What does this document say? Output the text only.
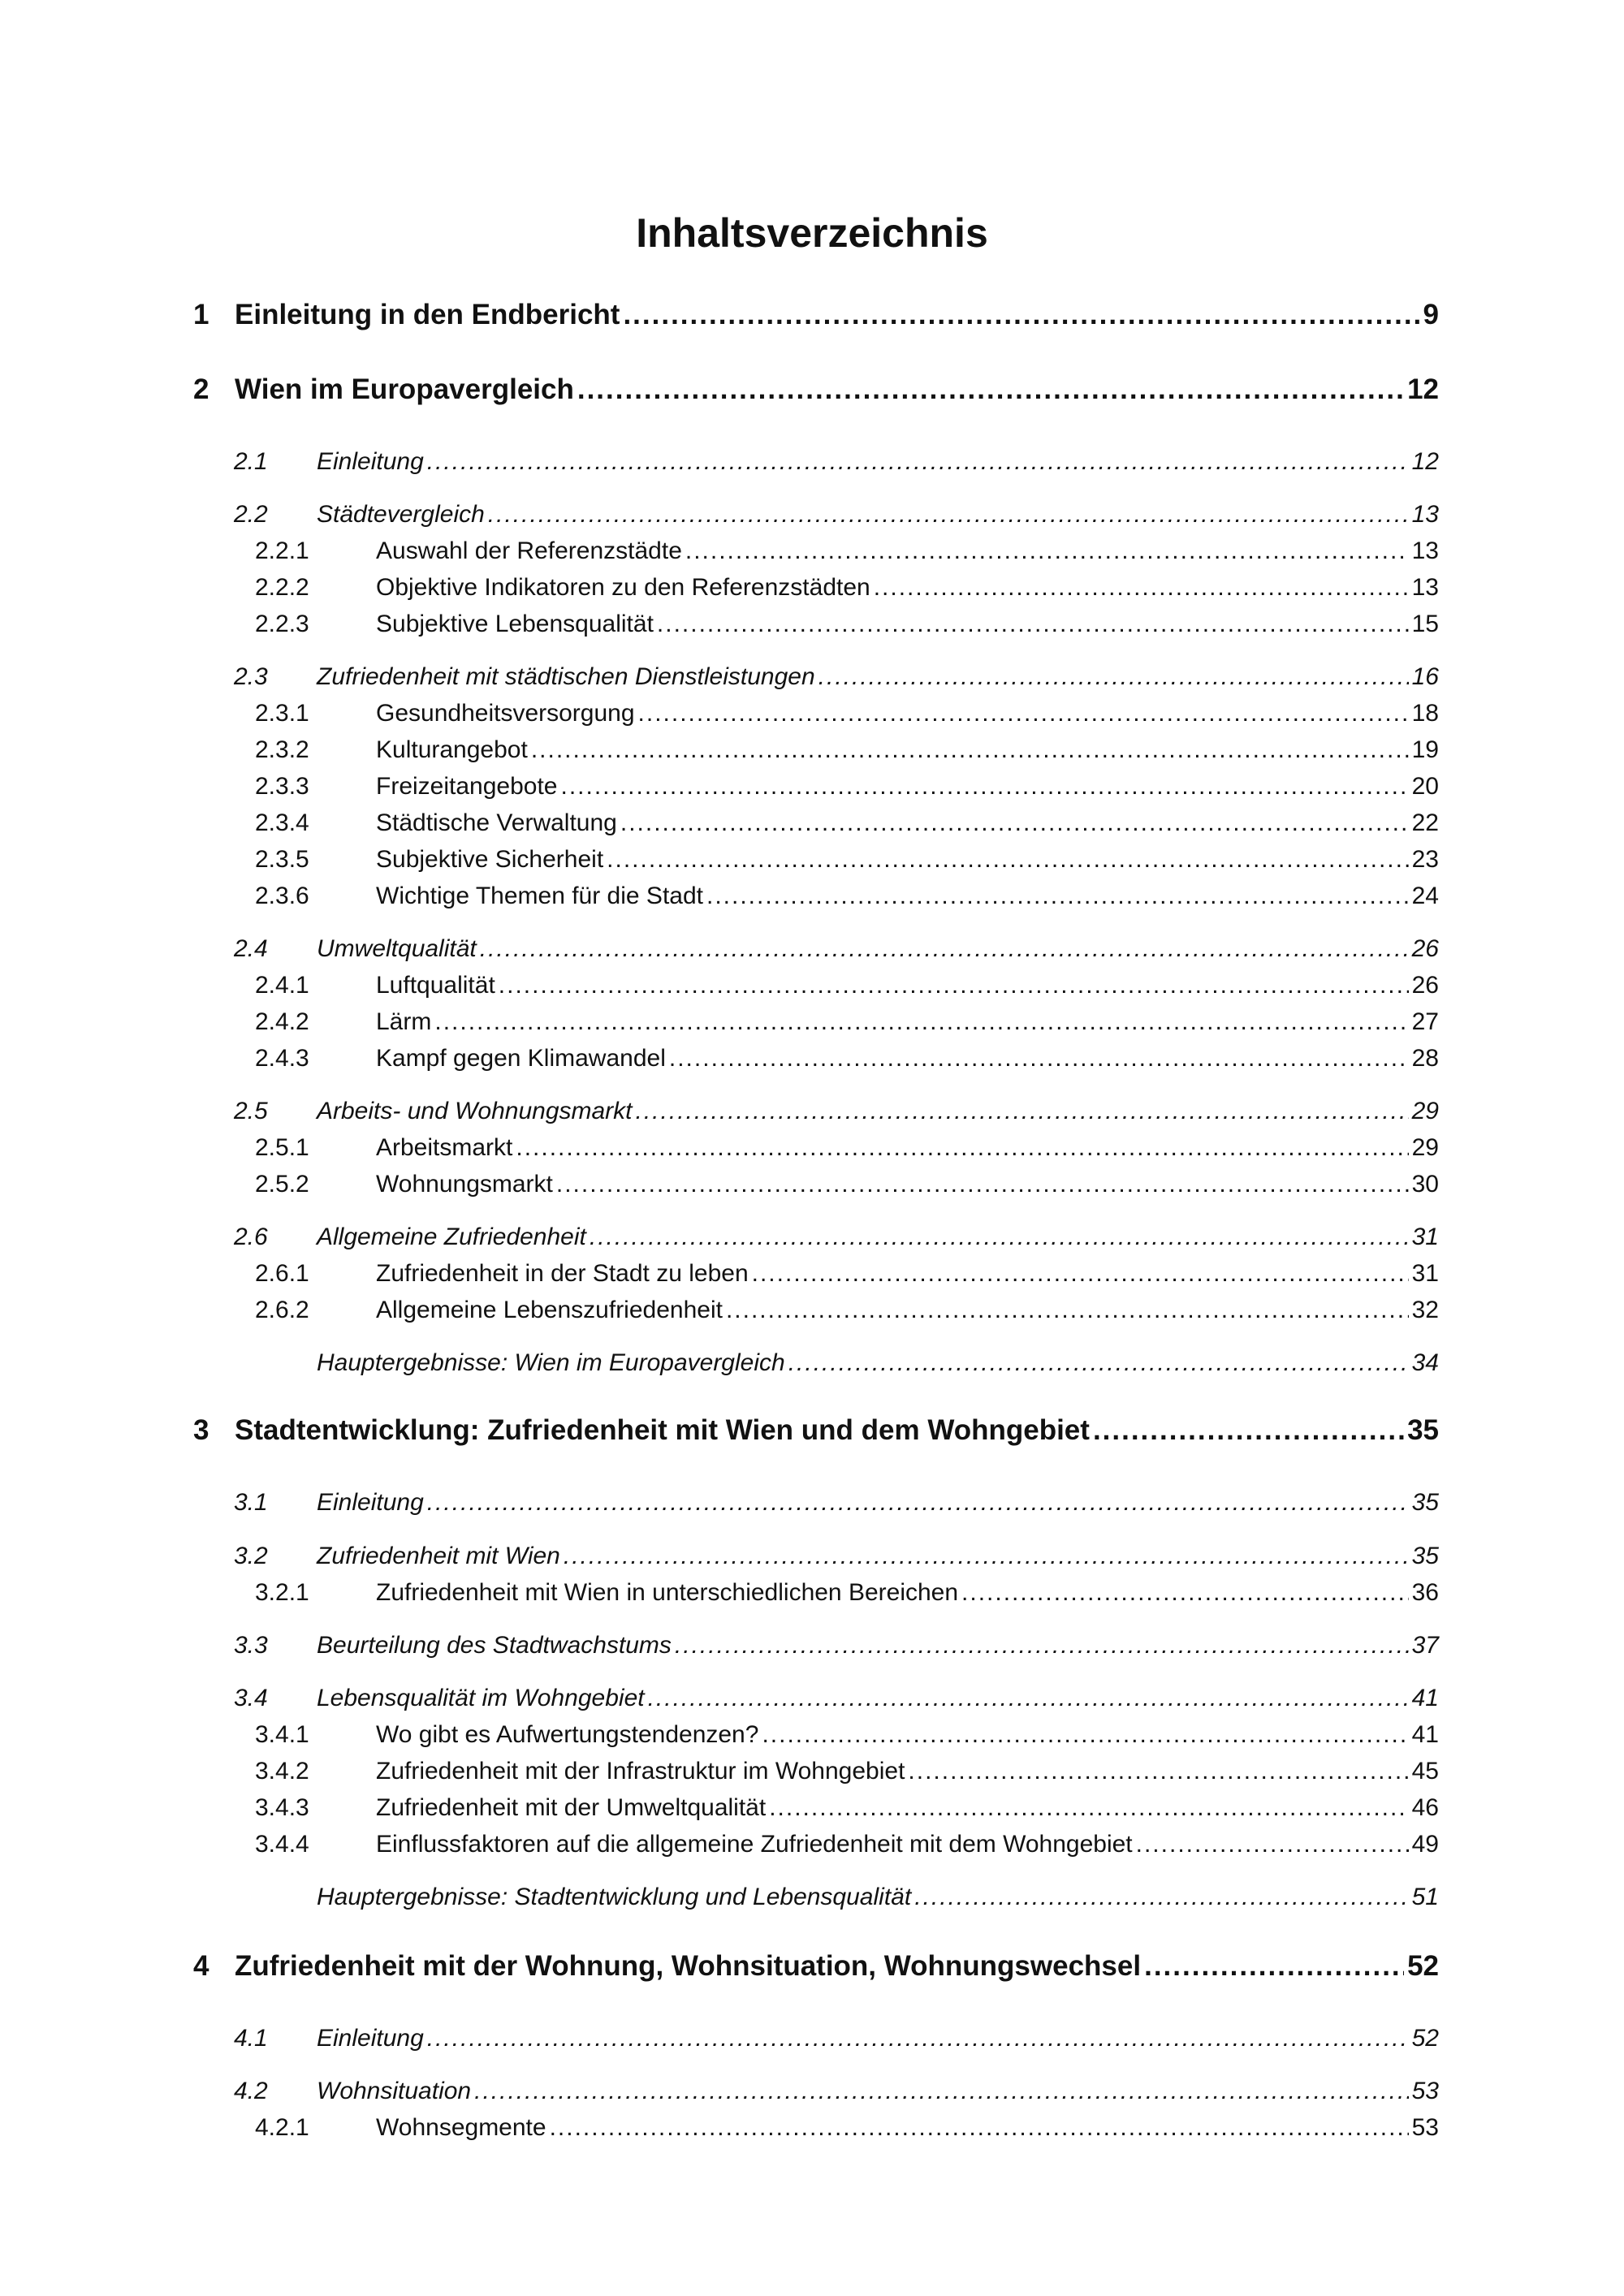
Inhaltsverzeichnis
1 Einleitung in den Endbericht .....	9
2 Wien im Europavergleich .....	12
2.1	Einleitung .....	12
2.2	Städtevergleich .....	13
2.2.1	Auswahl der Referenzstädte .....	13
2.2.2	Objektive Indikatoren zu den Referenzstädten .....	13
2.2.3	Subjektive Lebensqualität .....	15
2.3	Zufriedenheit mit städtischen Dienstleistungen .....	16
2.3.1	Gesundheitsversorgung .....	18
2.3.2	Kulturangebot .....	19
2.3.3	Freizeitangebote .....	20
2.3.4	Städtische Verwaltung .....	22
2.3.5	Subjektive Sicherheit .....	23
2.3.6	Wichtige Themen für die Stadt .....	24
2.4	Umweltqualität .....	26
2.4.1	Luftqualität .....	26
2.4.2	Lärm .....	27
2.4.3	Kampf gegen Klimawandel .....	28
2.5	Arbeits- und Wohnungsmarkt .....	29
2.5.1	Arbeitsmarkt .....	29
2.5.2	Wohnungsmarkt .....	30
2.6	Allgemeine Zufriedenheit .....	31
2.6.1	Zufriedenheit in der Stadt zu leben .....	31
2.6.2	Allgemeine Lebenszufriedenheit .....	32
Hauptergebnisse: Wien im Europavergleich .....	34
3 Stadtentwicklung: Zufriedenheit mit Wien und dem Wohngebiet .....	35
3.1	Einleitung .....	35
3.2	Zufriedenheit mit Wien .....	35
3.2.1	Zufriedenheit mit Wien in unterschiedlichen Bereichen .....	36
3.3	Beurteilung des Stadtwachstums .....	37
3.4	Lebensqualität im Wohngebiet .....	41
3.4.1	Wo gibt es Aufwertungstendenzen? .....	41
3.4.2	Zufriedenheit mit der Infrastruktur im Wohngebiet .....	45
3.4.3	Zufriedenheit mit der Umweltqualität .....	46
3.4.4	Einflussfaktoren auf die allgemeine Zufriedenheit mit dem Wohngebiet .....	49
Hauptergebnisse: Stadtentwicklung und Lebensqualität .....	51
4 Zufriedenheit mit der Wohnung, Wohnsituation, Wohnungswechsel .....	52
4.1	Einleitung .....	52
4.2	Wohnsituation .....	53
4.2.1	Wohnsegmente .....	53
